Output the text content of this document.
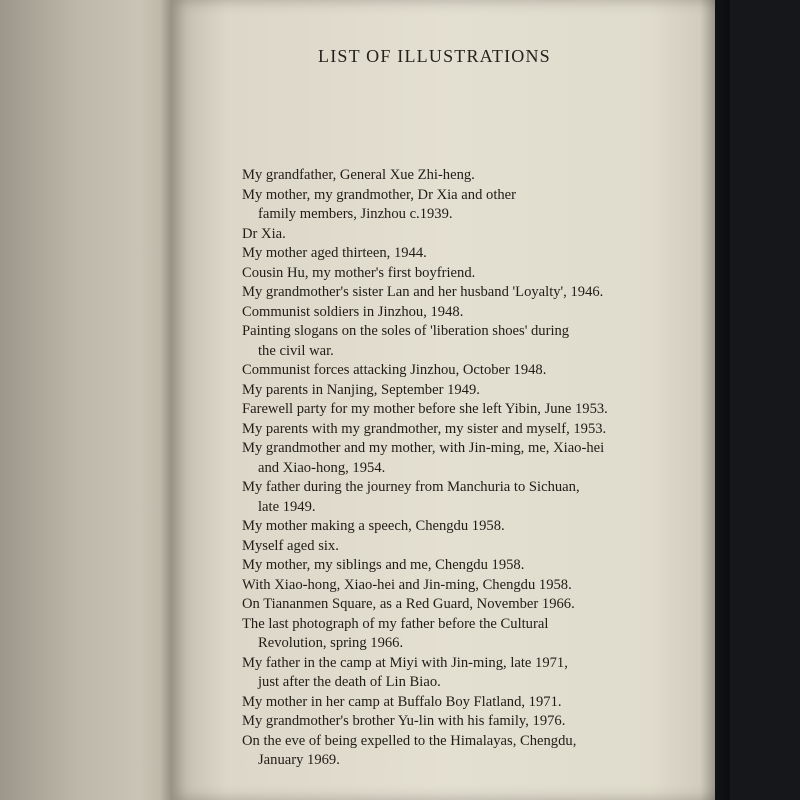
LIST OF ILLUSTRATIONS

My grandfather, General Xue Zhi-heng.

My mother, my grandmother, Dr Xia and other
family members, Jinzhou c.1939.

Dr Xia.

My mother aged thirteen, 1944.

Cousin Hu, my mother's first boyfriend.

My grandmother's sister Lan and her husband 'Loyalty', 1946.

Communist soldiers in Jinzhou, 1948.

Painting slogans on the soles of 'liberation shoes' during
the civil war.

Communist forces attacking Jinzhou, October 1948.

My parents in Nanjing, September 1949.

Farewell party for my mother before she left Yibin, June 1953.

My parents with my grandmother, my sister and myself, 1953.

My grandmother and my mother, with Jin-ming, me, Xiao-hei
and Xiao-hong, 1954.

My father during the journey from Manchuria to Sichuan,
late 1949.

My mother making a speech, Chengdu 1958.

Myself aged six.

My mother, my siblings and me, Chengdu 1958.

With Xiao-hong, Xiao-hei and Jin-ming, Chengdu 1958.

On Tiananmen Square, as a Red Guard, November 1966.

The last photograph of my father before the Cultural
Revolution, spring 1966.

My father in the camp at Miyi with Jin-ming, late 1971,
just after the death of Lin Biao.

My mother in her camp at Buffalo Boy Flatland, 1971.

My grandmother's brother Yu-lin with his family, 1976.

On the eve of being expelled to the Himalayas, Chengdu,
January 1969.
